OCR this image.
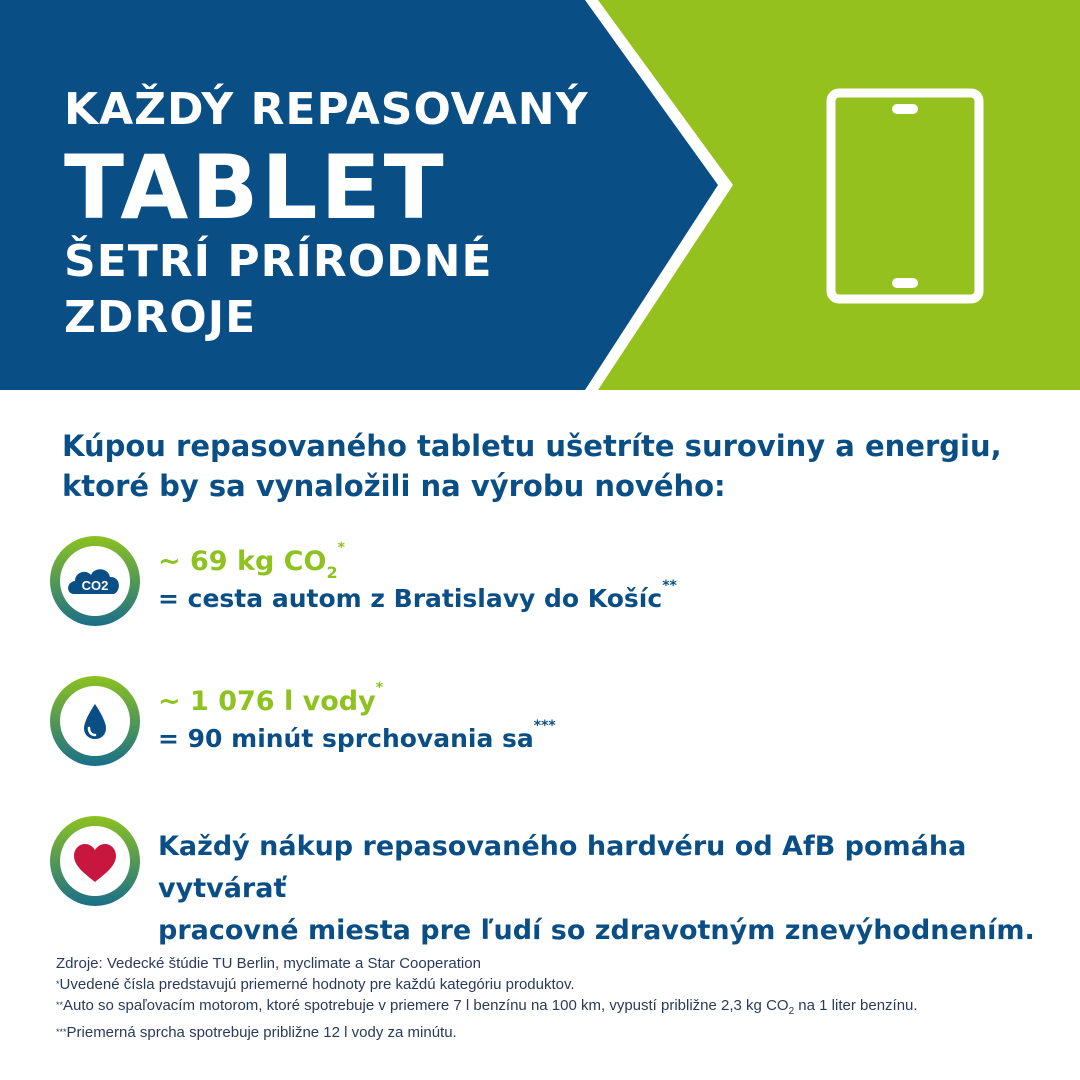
KAŽDÝ REPASOVANÝ
TABLET
ŠETRÍ PRÍRODNÉ
ZDROJE
Kúpou repasovaného tabletu ušetríte suroviny a energiu,
ktoré by sa vynaložili na výrobu nového:
CO2
~ 69 kg $CO_2^*$
= cesta autom z Bratislavy do Košíc**
~ 1 076 l vody*
= 90 minút sprchovania sa***
Každý nákup repasovaného hardvéru od AfB pomáha vytvárať
pracovné miesta pre ľudí so zdravotným znevýhodnením.
Zdroje: Vedecké štúdie TU Berlin, myclimate a Star Cooperation
*Uvedené čísla predstavujú priemerné hodnoty pre každú kategóriu produktov.
**Auto so spaľovacím motorom, ktoré spotrebuje v priemere 7 l benzínu na 100 km, vypustí približne 2,3 kg $CO_2$ na 1 liter benzínu.
***Priemerná sprcha spotrebuje približne 12 l vody za minútu.
